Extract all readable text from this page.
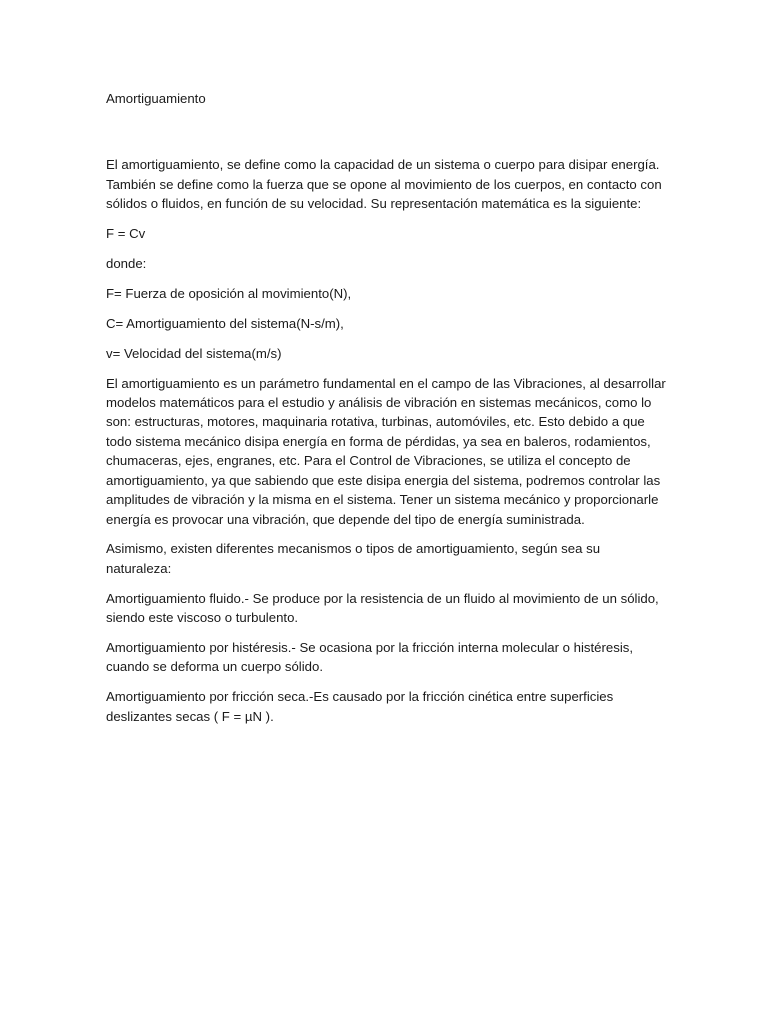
Amortiguamiento

El amortiguamiento, se define como la capacidad de un sistema o cuerpo para disipar energía. También se define como la fuerza que se opone al movimiento de los cuerpos, en contacto con sólidos o fluidos, en función de su velocidad. Su representación matemática es la siguiente:

F = Cv

donde:

F= Fuerza de oposición al movimiento(N),

C= Amortiguamiento del sistema(N-s/m),

v= Velocidad del sistema(m/s)

El amortiguamiento es un parámetro fundamental en el campo de las Vibraciones, al desarrollar modelos matemáticos para el estudio y análisis de vibración en sistemas mecánicos, como lo son: estructuras, motores, maquinaria rotativa, turbinas, automóviles, etc. Esto debido a que todo sistema mecánico disipa energía en forma de pérdidas, ya sea en baleros, rodamientos, chumaceras, ejes, engranes, etc. Para el Control de Vibraciones, se utiliza el concepto de amortiguamiento, ya que sabiendo que este disipa energia del sistema, podremos controlar las amplitudes de vibración y la misma en el sistema. Tener un sistema mecánico y proporcionarle energía es provocar una vibración, que depende del tipo de energía suministrada.

Asimismo, existen diferentes mecanismos o tipos de amortiguamiento, según sea su naturaleza:

Amortiguamiento fluido.- Se produce por la resistencia de un fluido al movimiento de un sólido, siendo este viscoso o turbulento.

Amortiguamiento por histéresis.- Se ocasiona por la fricción interna molecular o histéresis, cuando se deforma un cuerpo sólido.

Amortiguamiento por fricción seca.-Es causado por la fricción cinética entre superficies deslizantes secas ( F = µN ).
